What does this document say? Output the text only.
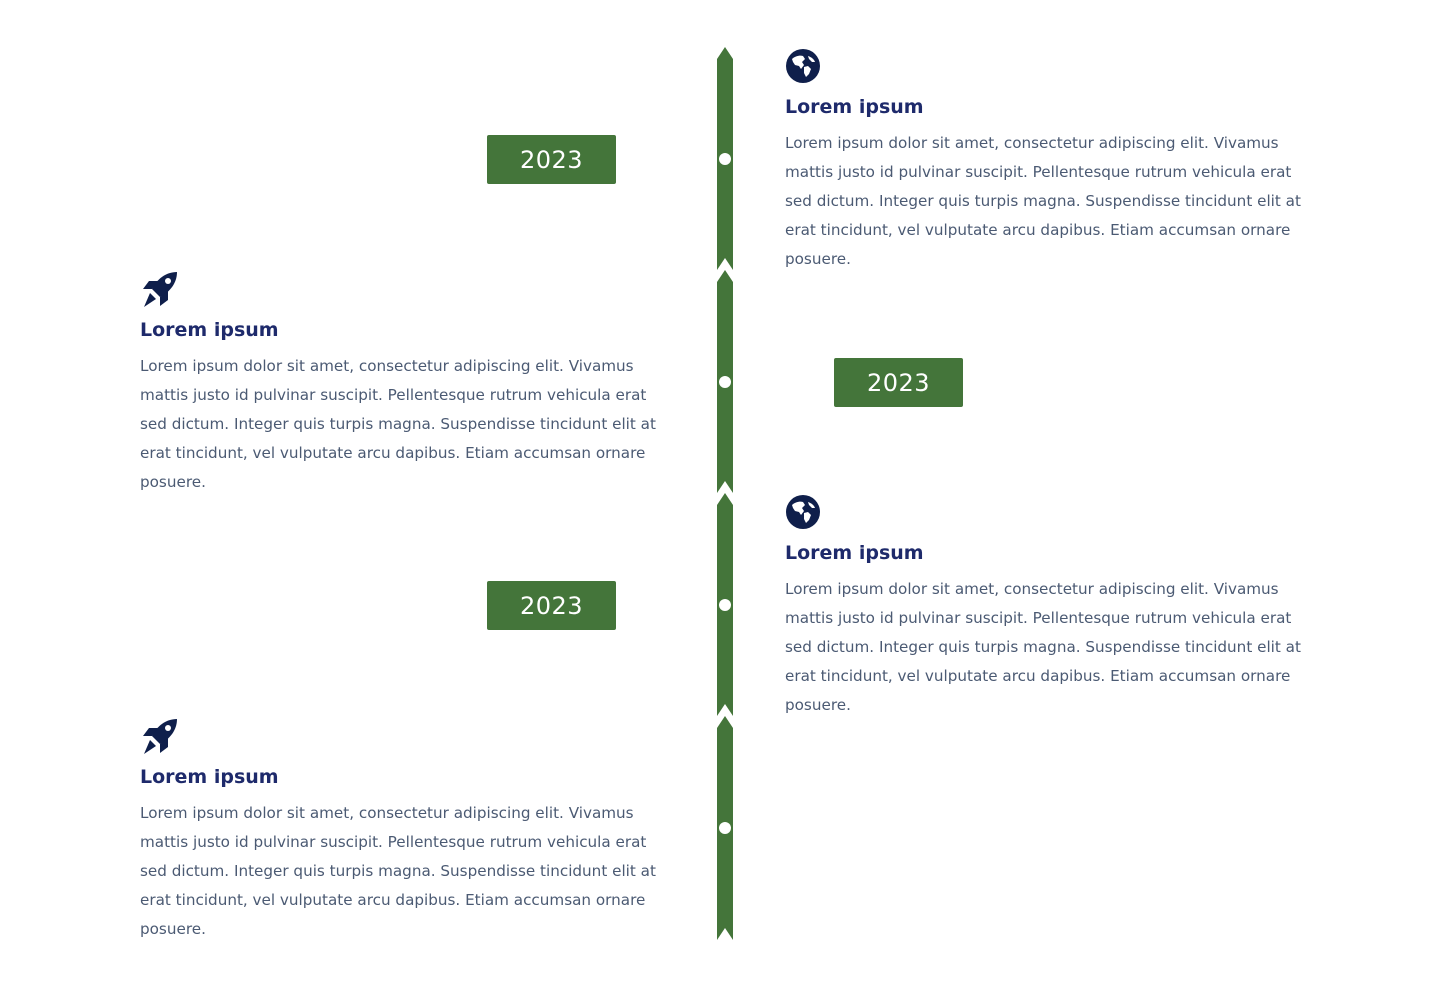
2023
2023
2023
Lorem ipsum

Lorem ipsum dolor sit amet, consectetur adipiscing elit. Vivamus mattis justo id pulvinar suscipit. Pellentesque rutrum vehicula erat sed dictum. Integer quis turpis magna. Suspendisse tincidunt elit at erat tincidunt, vel vulputate arcu dapibus. Etiam accumsan ornare posuere.

Lorem ipsum

Lorem ipsum dolor sit amet, consectetur adipiscing elit. Vivamus mattis justo id pulvinar suscipit. Pellentesque rutrum vehicula erat sed dictum. Integer quis turpis magna. Suspendisse tincidunt elit at erat tincidunt, vel vulputate arcu dapibus. Etiam accumsan ornare posuere.

Lorem ipsum

Lorem ipsum dolor sit amet, consectetur adipiscing elit. Vivamus mattis justo id pulvinar suscipit. Pellentesque rutrum vehicula erat sed dictum. Integer quis turpis magna. Suspendisse tincidunt elit at erat tincidunt, vel vulputate arcu dapibus. Etiam accumsan ornare posuere.

Lorem ipsum

Lorem ipsum dolor sit amet, consectetur adipiscing elit. Vivamus mattis justo id pulvinar suscipit. Pellentesque rutrum vehicula erat sed dictum. Integer quis turpis magna. Suspendisse tincidunt elit at erat tincidunt, vel vulputate arcu dapibus. Etiam accumsan ornare posuere.
